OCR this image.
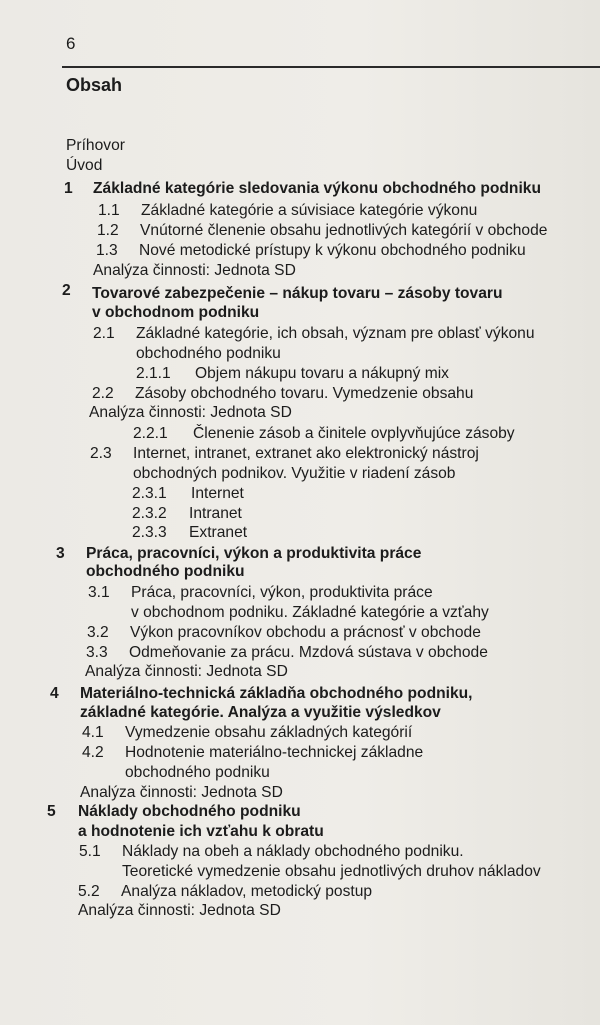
6
Obsah
Príhovor
Úvod
1 Základné kategórie sledovania výkonu obchodného podniku
1.1 Základné kategórie a súvisiace kategórie výkonu
1.2 Vnútorné členenie obsahu jednotlivých kategórií v obchode
1.3 Nové metodické prístupy k výkonu obchodného podniku
Analýza činnosti: Jednota SD
2 Tovarové zabezpečenie – nákup tovaru – zásoby tovaru
v obchodnom podniku
2.1 Základné kategórie, ich obsah, význam pre oblasť výkonu
obchodného podniku
2.1.1 Objem nákupu tovaru a nákupný mix
2.2 Zásoby obchodného tovaru. Vymedzenie obsahu
Analýza činnosti: Jednota SD
2.2.1 Členenie zásob a činitele ovplyvňujúce zásoby
2.3 Internet, intranet, extranet ako elektronický nástroj
obchodných podnikov. Využitie v riadení zásob
2.3.1 Internet
2.3.2 Intranet
2.3.3 Extranet
3 Práca, pracovníci, výkon a produktivita práce
obchodného podniku
3.1 Práca, pracovníci, výkon, produktivita práce
v obchodnom podniku. Základné kategórie a vzťahy
3.2 Výkon pracovníkov obchodu a prácnosť v obchode
3.3 Odmeňovanie za prácu. Mzdová sústava v obchode
Analýza činnosti: Jednota SD
4 Materiálno-technická základňa obchodného podniku,
základné kategórie. Analýza a využitie výsledkov
4.1 Vymedzenie obsahu základných kategórií
4.2 Hodnotenie materiálno-technickej základne
obchodného podniku
Analýza činnosti: Jednota SD
5 Náklady obchodného podniku
a hodnotenie ich vzťahu k obratu
5.1 Náklady na obeh a náklady obchodného podniku.
Teoretické vymedzenie obsahu jednotlivých druhov nákladov
5.2 Analýza nákladov, metodický postup
Analýza činnosti: Jednota SD
